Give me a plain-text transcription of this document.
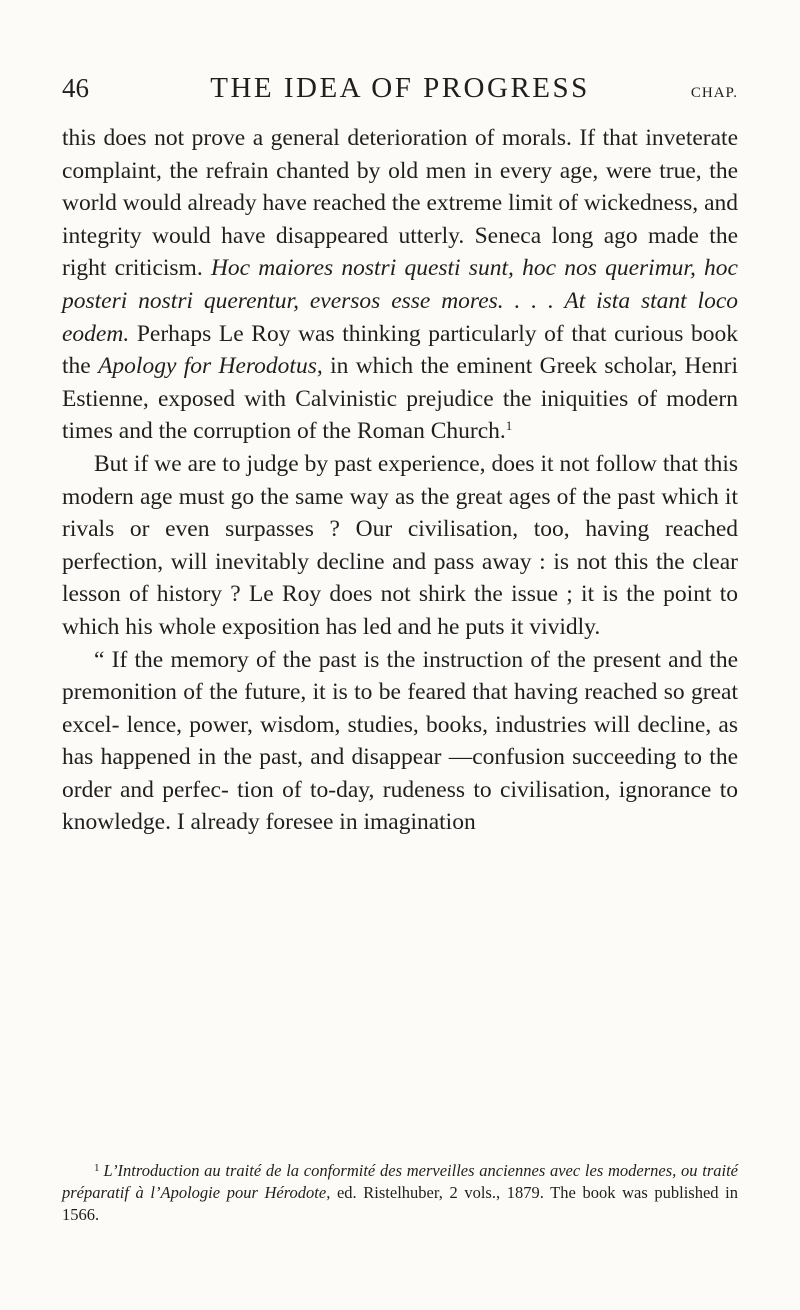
46	THE IDEA OF PROGRESS	CHAP.

this does not prove a general deterioration of morals. If that inveterate complaint, the refrain chanted by old men in every age, were true, the world would already have reached the extreme limit of wickedness, and integrity would have disappeared utterly. Seneca long ago made the right criticism. Hoc maiores nostri questi sunt, hoc nos querimur, hoc posteri nostri querentur, eversos esse mores. . . . At ista stant loco eodem. Perhaps Le Roy was thinking particularly of that curious book the Apology for Herodotus, in which the eminent Greek scholar, Henri Estienne, exposed with Calvinistic prejudice the iniquities of modern times and the corruption of the Roman Church.$^1$

But if we are to judge by past experience, does it not follow that this modern age must go the same way as the great ages of the past which it rivals or even surpasses ? Our civilisation, too, having reached perfection, will inevitably decline and pass away : is not this the clear lesson of history ? Le Roy does not shirk the issue ; it is the point to which his whole exposition has led and he puts it vividly.

“ If the memory of the past is the instruction of the present and the premonition of the future, it is to be feared that having reached so great excel- lence, power, wisdom, studies, books, industries will decline, as has happened in the past, and disappear —confusion succeeding to the order and perfec- tion of to-day, rudeness to civilisation, ignorance to knowledge. I already foresee in imagination

$^1$ L’Introduction au traité de la conformité des merveilles anciennes avec les modernes, ou traité préparatif à l’Apologie pour Hérodote, ed. Ristelhuber, 2 vols., 1879. The book was published in 1566.
